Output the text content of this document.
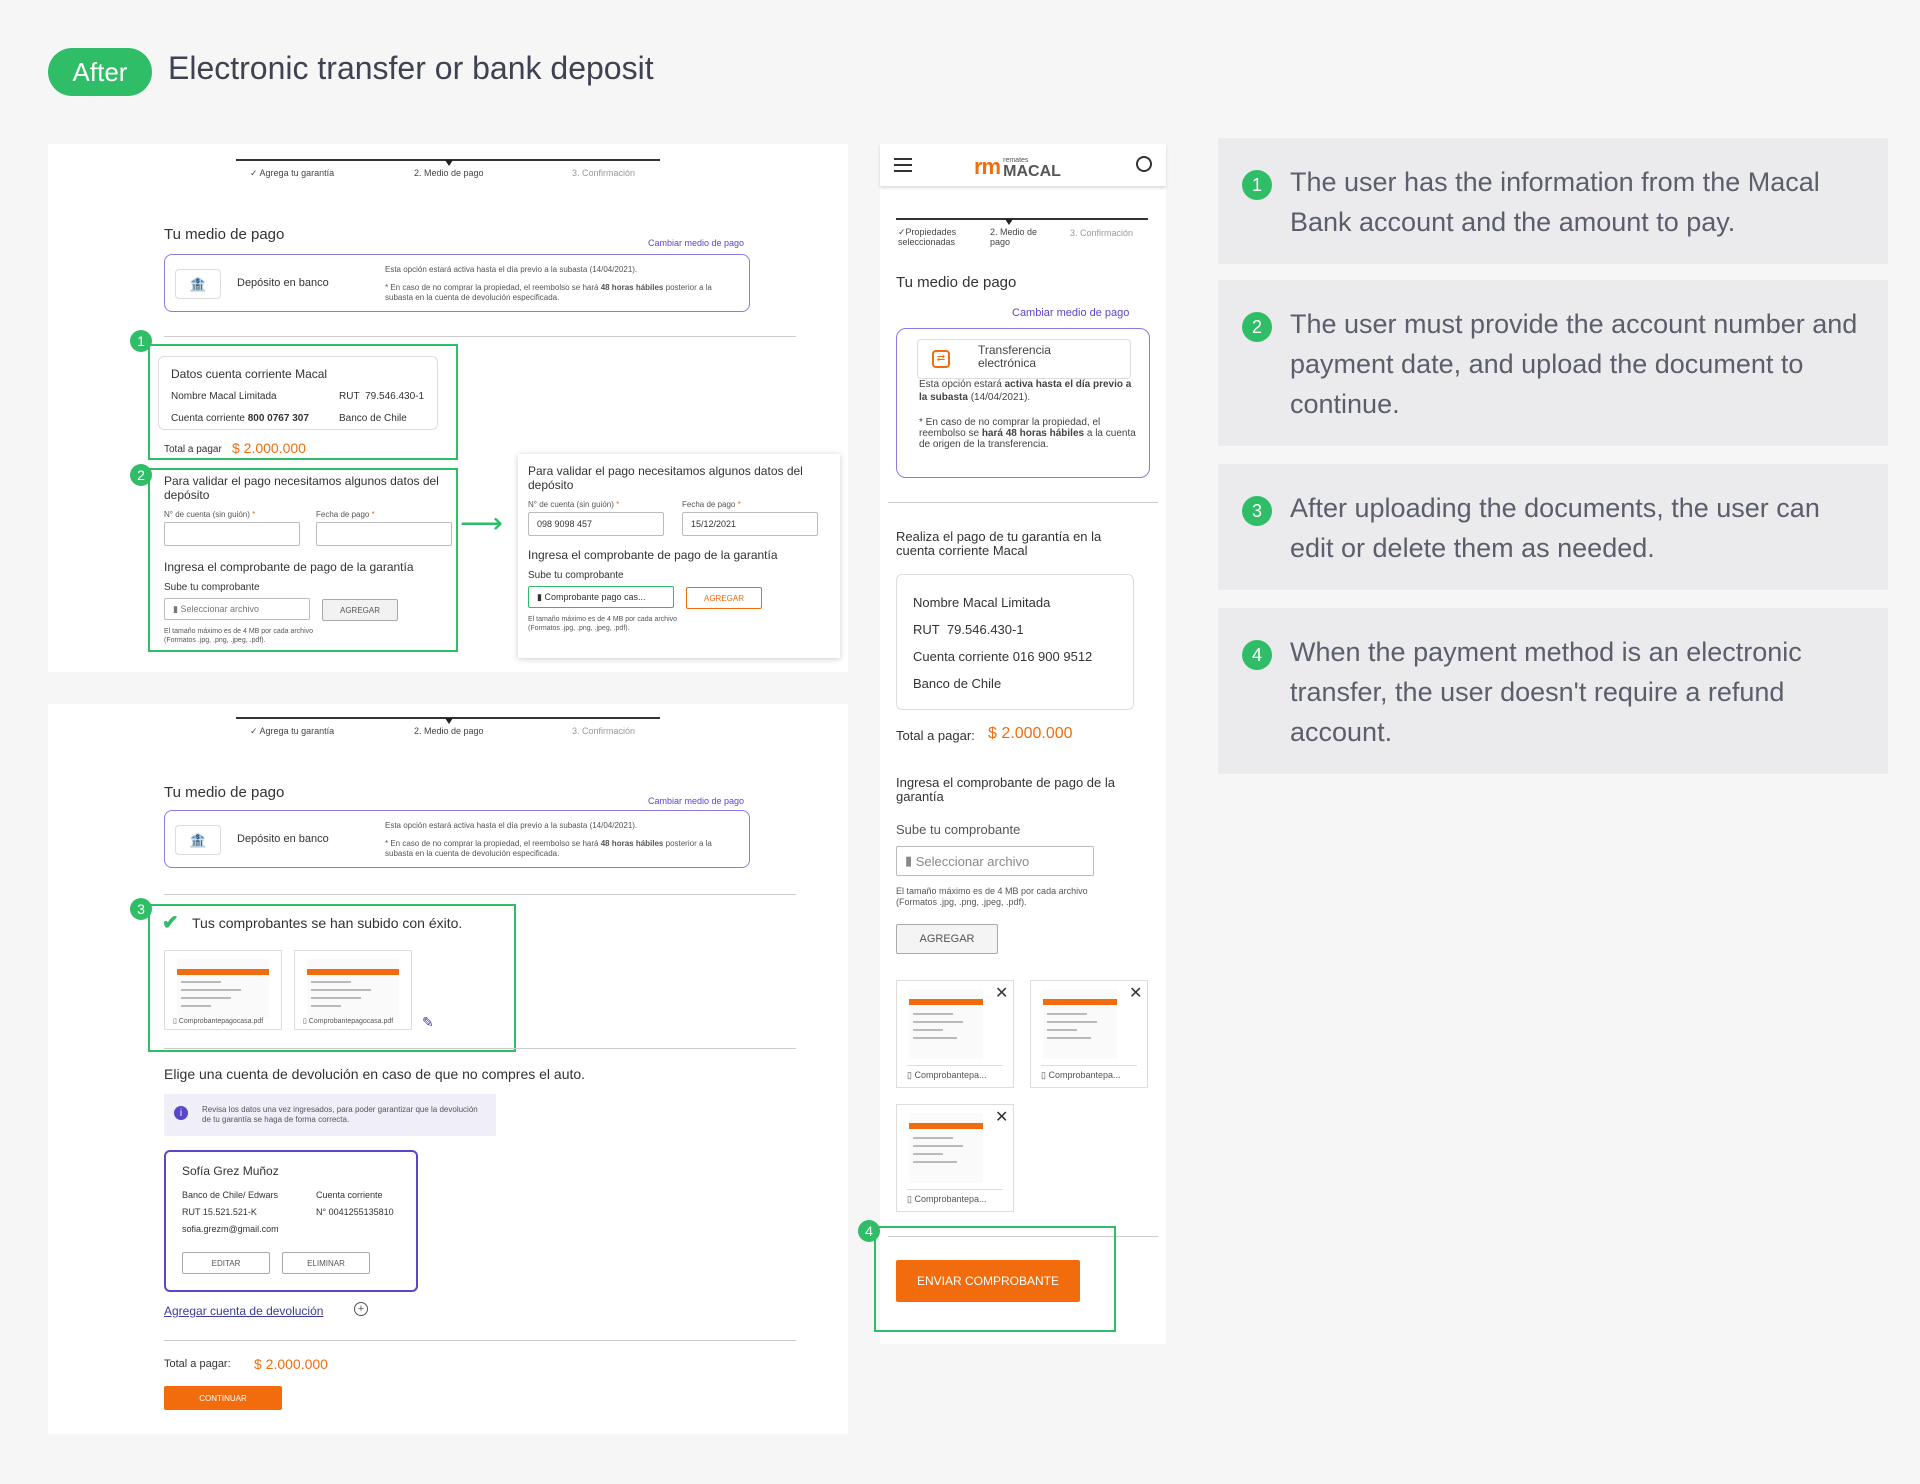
After	Electronic transfer or bank deposit
✓ Agrega tu garantía	2. Medio de pago	3. Confirmación
Tu medio de pago	Cambiar medio de pago
🏦	Depósito en banco
Esta opción estará activa hasta el día previo a la subasta (14/04/2021).
* En caso de no comprar la propiedad, el reembolso se hará 48 horas hábiles posterior a la subasta en la cuenta de devolución especificada.
1
Datos cuenta corriente Macal
Nombre Macal Limitada	RUT 79.546.430-1
Cuenta corriente 800 0767 307	Banco de Chile
Total a pagar $ 2.000.000
2	Para validar el pago necesitamos algunos datos del depósito
N° de cuenta (sin guión) *	Fecha de pago *
Ingresa el comprobante de pago de la garantía
Sube tu comprobante
▮ Seleccionar archivo	AGREGAR
El tamaño máximo es de 4 MB por cada archivo (Formatos .jpg, .png, .jpeg, .pdf).
⟶
Para validar el pago necesitamos algunos datos del depósito
N° de cuenta (sin guión) *	Fecha de pago *
098 9098 457	15/12/2021
Ingresa el comprobante de pago de la garantía
Sube tu comprobante
▮ Comprobante pago cas...	AGREGAR
El tamaño máximo es de 4 MB por cada archivo (Formatos .jpg, .png, .jpeg, .pdf).
✓ Agrega tu garantía	2. Medio de pago	3. Confirmación
Tu medio de pago	Cambiar medio de pago
🏦	Depósito en banco
Esta opción estará activa hasta el día previo a la subasta (14/04/2021).
* En caso de no comprar la propiedad, el reembolso se hará 48 horas hábiles posterior a la subasta en la cuenta de devolución especificada.
3
✔ Tus comprobantes se han subido con éxito.
▯ Comprobantepagocasa.pdf	▯ Comprobantepagocasa.pdf ✎
Elige una cuenta de devolución en caso de que no compres el auto.
i	Revisa los datos una vez ingresados, para poder garantizar que la devolución de tu garantía se haga de forma correcta.
Sofía Grez Muñoz
Banco de Chile/ Edwars	Cuenta corriente
RUT 15.521.521-K	N° 0041255135810
sofia.grezm@gmail.com
EDITAR	ELIMINAR
Agregar cuenta de devolución	+
Total a pagar: $ 2.000.000
CONTINUAR
rm remates
MACAL
✓Propiedades seleccionadas
2. Medio de pago
3. Confirmación
Tu medio de pago
Cambiar medio de pago
⇄
Transferencia electrónica
Esta opción estará activa hasta el día previo a la subasta (14/04/2021).
* En caso de no comprar la propiedad, el reembolso se hará 48 horas hábiles a la cuenta de origen de la transferencia.
Realiza el pago de tu garantía en la cuenta corriente Macal
Nombre Macal Limitada
RUT 79.546.430-1
Cuenta corriente 016 900 9512
Banco de Chile
Total a pagar: $ 2.000.000
Ingresa el comprobante de pago de la garantía
Sube tu comprobante
▮ Seleccionar archivo
El tamaño máximo es de 4 MB por cada archivo (Formatos .jpg, .png, .jpeg, .pdf).
AGREGAR
✕
▯ Comprobantepa...
✕
▯ Comprobantepa...
✕
▯ Comprobantepa...
4
ENVIAR COMPROBANTE
1	The user has the information from the Macal Bank account and the amount to pay.

2	The user must provide the account number and payment date, and upload the document to continue.

3	After uploading the documents, the user can edit or delete them as needed.

4	When the payment method is an electronic transfer, the user doesn't require a refund account.
